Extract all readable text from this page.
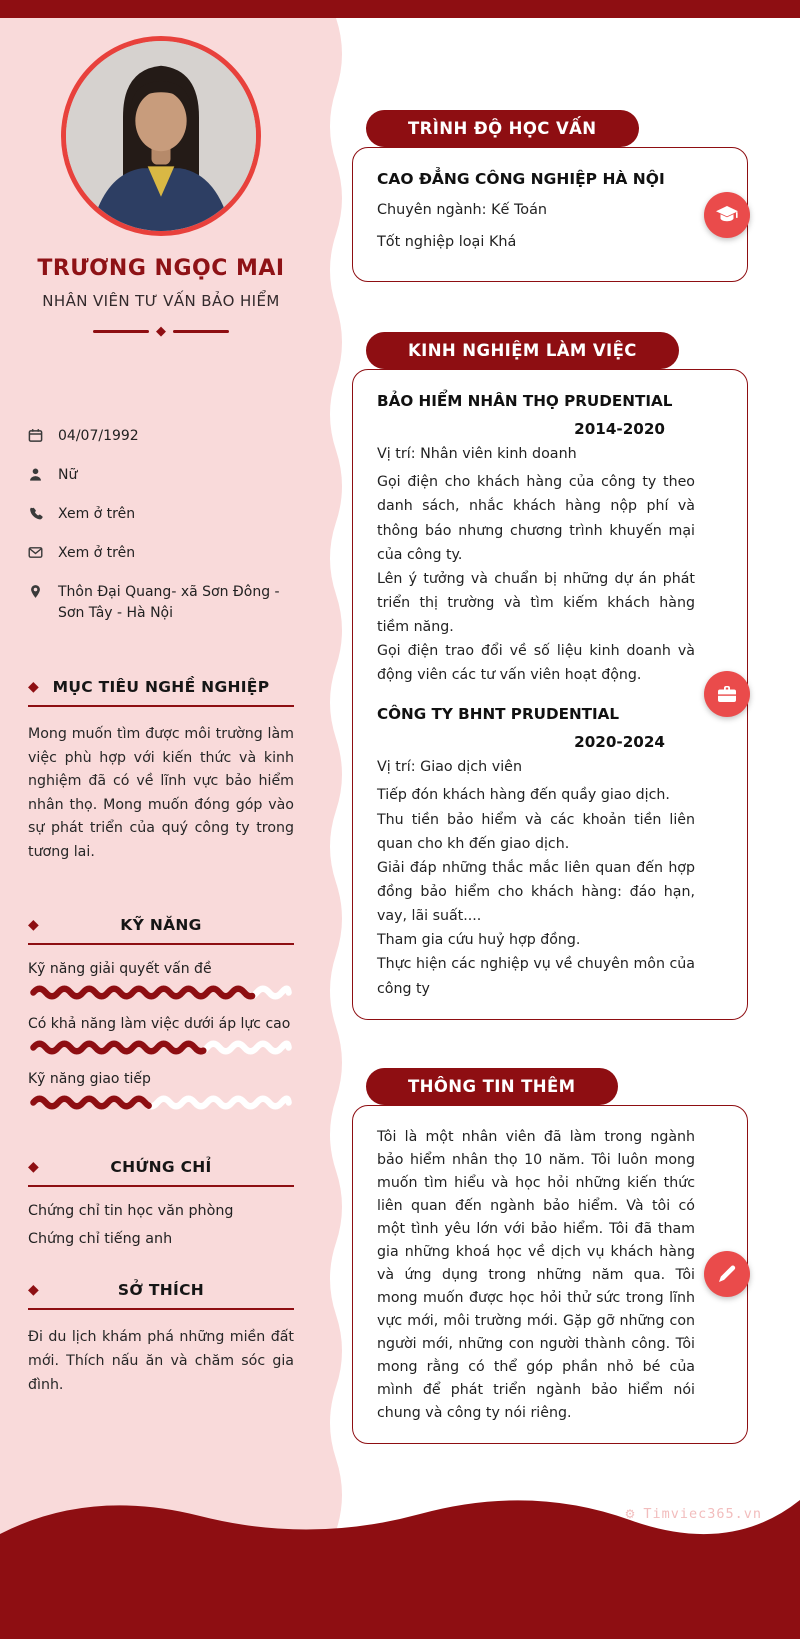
TRƯƠNG NGỌC MAI
NHÂN VIÊN TƯ VẤN BẢO HIỂM
◆
04/07/1992
Nữ
Xem ở trên
Xem ở trên
Thôn Đại Quang- xã Sơn Đông - Sơn Tây - Hà Nội
◆ MỤC TIÊU NGHỀ NGHIỆP

Mong muốn tìm được môi trường làm việc phù hợp với kiến thức và kinh nghiệm đã có về lĩnh vực bảo hiểm nhân thọ. Mong muốn đóng góp vào sự phát triển của quý công ty trong tương lai.

◆	KỸ NĂNG
Kỹ năng giải quyết vấn đề
Có khả năng làm việc dưới áp lực cao
Kỹ năng giao tiếp
◆	CHỨNG CHỈ
Chứng chỉ tin học văn phòng
Chứng chỉ tiếng anh
◆	SỞ THÍCH

Đi du lịch khám phá những miền đất mới. Thích nấu ăn và chăm sóc gia đình.

TRÌNH ĐỘ HỌC VẤN
CAO ĐẲNG CÔNG NGHIỆP HÀ NỘI

Chuyên ngành: Kế Toán

Tốt nghiệp loại Khá

KINH NGHIỆM LÀM VIỆC
BẢO HIỂM NHÂN THỌ PRUDENTIAL
2014-2020
Vị trí: Nhân viên kinh doanh

Gọi điện cho khách hàng của công ty theo danh sách, nhắc khách hàng nộp phí và thông báo nhưng chương trình khuyến mại của công ty.

Lên ý tưởng và chuẩn bị những dự án phát triển thị trường và tìm kiếm khách hàng tiềm năng.

Gọi điện trao đổi về số liệu kinh doanh và động viên các tư vấn viên hoạt động.

CÔNG TY BHNT PRUDENTIAL
2020-2024
Vị trí: Giao dịch viên

Tiếp đón khách hàng đến quầy giao dịch.

Thu tiền bảo hiểm và các khoản tiền liên quan cho kh đến giao dịch.

Giải đáp những thắc mắc liên quan đến hợp đồng bảo hiểm cho khách hàng: đáo hạn, vay, lãi suất....

Tham gia cứu huỷ hợp đồng.

Thực hiện các nghiệp vụ về chuyên môn của công ty

THÔNG TIN THÊM

Tôi là một nhân viên đã làm trong ngành bảo hiểm nhân thọ 10 năm. Tôi luôn mong muốn tìm hiểu và học hỏi những kiến thức liên quan đến ngành bảo hiểm. Và tôi có một tình yêu lớn với bảo hiểm. Tôi đã tham gia những khoá học về dịch vụ khách hàng và ứng dụng trong những năm qua. Tôi mong muốn được học hỏi thử sức trong lĩnh vực mới, môi trường mới. Gặp gỡ những con người mới, những con người thành công. Tôi mong rằng có thể góp phần nhỏ bé của mình để phát triển ngành bảo hiểm nói chung và công ty nói riêng.

⚙ Timviec365.vn
